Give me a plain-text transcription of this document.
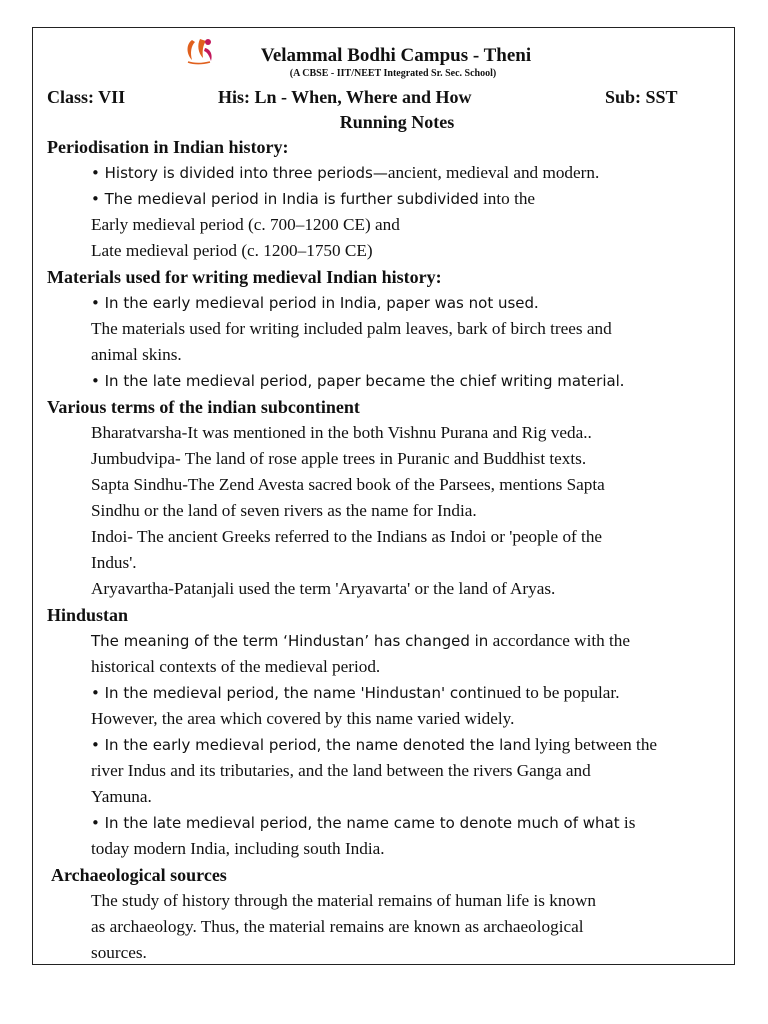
Velammal Bodhi Campus - Theni
(A CBSE - IIT/NEET Integrated Sr. Sec. School)
Class: VII	His: Ln - When, Where and How	Sub: SST
Running Notes
Periodisation in Indian history:

• History is divided into three periods—ancient, medieval and modern.

• The medieval period in India is further subdivided into the

Early medieval period (c. 700–1200 CE) and

Late medieval period (c. 1200–1750 CE)

Materials used for writing medieval Indian history:

• In the early medieval period in India, paper was not used.

The materials used for writing included palm leaves, bark of birch trees and

animal skins.

• In the late medieval period, paper became the chief writing material.

Various terms of the indian subcontinent

Bharatvarsha-It was mentioned in the both Vishnu Purana and Rig veda..

Jumbudvipa- The land of rose apple trees in Puranic and Buddhist texts.

Sapta Sindhu-The Zend Avesta sacred book of the Parsees, mentions Sapta

Sindhu or the land of seven rivers as the name for India.

Indoi- The ancient Greeks referred to the Indians as Indoi or 'people of the

Indus'.

Aryavartha-Patanjali used the term 'Aryavarta' or the land of Aryas.

Hindustan

The meaning of the term ‘Hindustan’ has changed in accordance with the

historical contexts of the medieval period.

• In the medieval period, the name 'Hindustan' continued to be popular.

However, the area which covered by this name varied widely.

• In the early medieval period, the name denoted the land lying between the

river Indus and its tributaries, and the land between the rivers Ganga and

Yamuna.

• In the late medieval period, the name came to denote much of what is

today modern India, including south India.

Archaeological sources

The study of history through the material remains of human life is known

as archaeology. Thus, the material remains are known as archaeological

sources.
